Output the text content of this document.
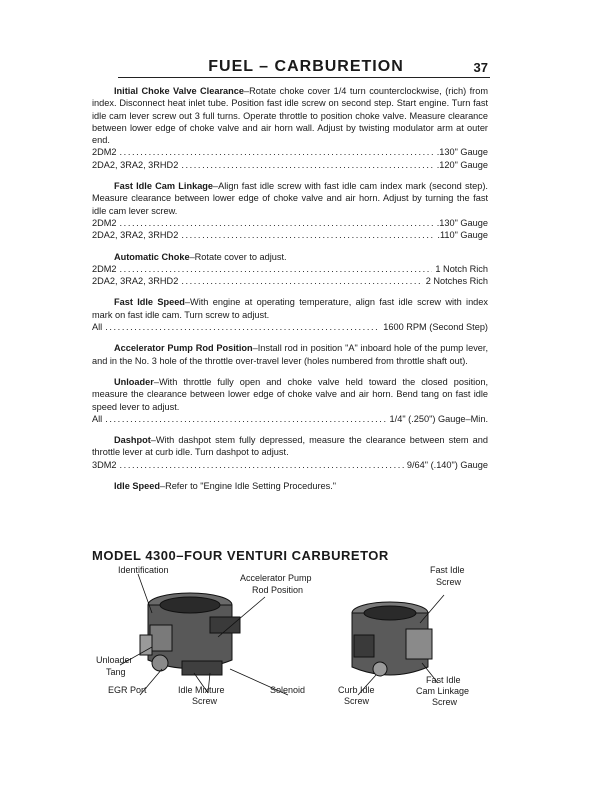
FUEL – CARBURETION	37

Initial Choke Valve Clearance–Rotate choke cover 1/4 turn counterclockwise, (rich) from index. Disconnect heat inlet tube. Position fast idle screw on second step. Start engine. Turn fast idle cam lever screw out 3 full turns. Operate throttle to position choke valve. Measure clearance between lower edge of choke valve and air horn wall. Adjust by twisting modulator arm at outer end.

2DM2 .....	.130" Gauge
2DA2, 3RA2, 3RHD2 .....	.120" Gauge

Fast Idle Cam Linkage–Align fast idle screw with fast idle cam index mark (second step). Measure clearance between lower edge of choke valve and air horn. Adjust by turning the fast idle cam lever screw.

2DM2 .....	.130" Gauge
2DA2, 3RA2, 3RHD2 .....	.110" Gauge

Automatic Choke–Rotate cover to adjust.

2DM2 .....	1 Notch Rich
2DA2, 3RA2, 3RHD2 .....	2 Notches Rich

Fast Idle Speed–With engine at operating temperature, align fast idle screw with index mark on fast idle cam. Turn screw to adjust.

All .....	1600 RPM (Second Step)

Accelerator Pump Rod Position–Install rod in position "A" inboard hole of the pump lever, and in the No. 3 hole of the throttle over-travel lever (holes numbered from throttle shaft out).

Unloader–With throttle fully open and choke valve held toward the closed position, measure the clearance between lower edge of choke valve and air horn. Bend tang on fast idle speed lever to adjust.

All .....	1/4" (.250") Gauge–Min.

Dashpot–With dashpot stem fully depressed, measure the clearance between stem and throttle lever at curb idle. Turn dashpot to adjust.

3DM2 .....	9/64" (.140") Gauge

Idle Speed–Refer to "Engine Idle Setting Procedures."

MODEL 4300–FOUR VENTURI CARBURETOR
Identification
Accelerator Pump
Rod Position
Fast Idle
Screw
Unloader
Tang
EGR Port	Idle Mixture
Screw
Solenoid	Curb Idle
Screw
Fast Idle
Cam Linkage
Screw
